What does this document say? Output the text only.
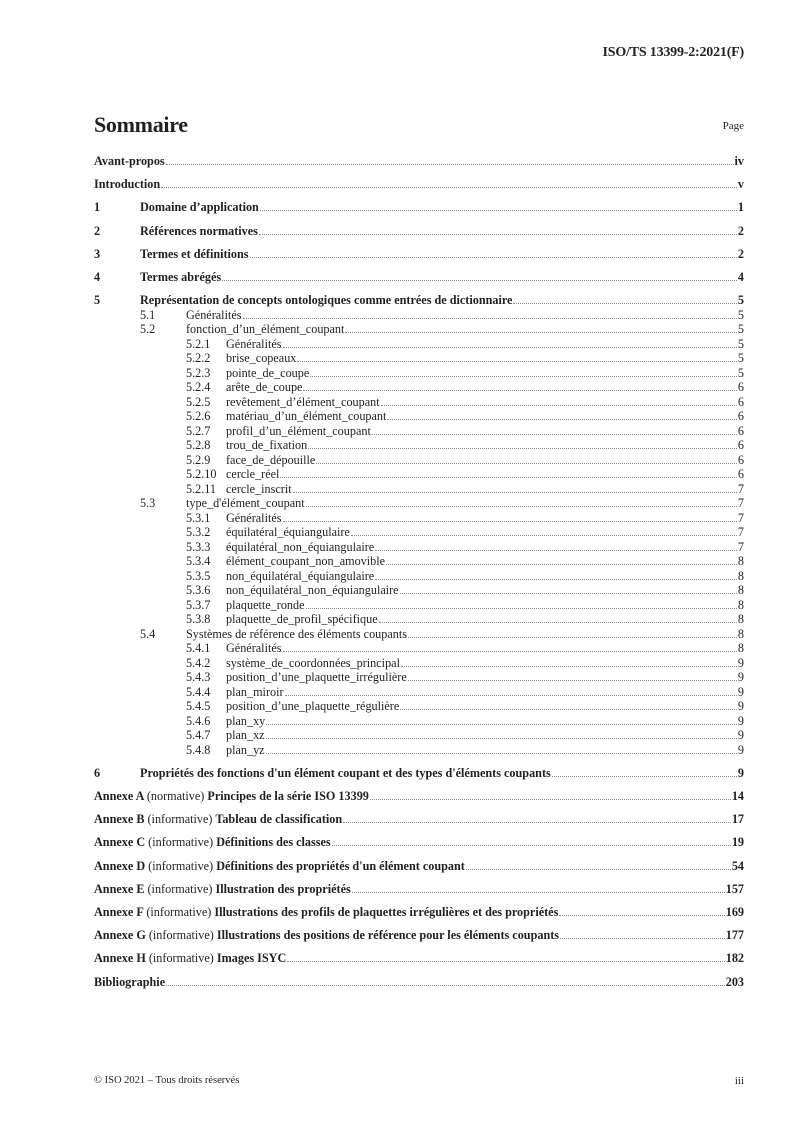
ISO/TS 13399-2:2021(F)
Sommaire	Page
Avant-propos	iv
Introduction	v
1	Domaine d’application	1
2	Références normatives	2
3	Termes et définitions	2
4	Termes abrégés	4
5	Représentation de concepts ontologiques comme entrées de dictionnaire	5
5.1	Généralités	5
5.2	fonction_d’un_élément_coupant	5
5.2.1	Généralités	5
5.2.2	brise_copeaux	5
5.2.3	pointe_de_coupe	5
5.2.4	arête_de_coupe	6
5.2.5	revêtement_d’élément_coupant	6
5.2.6	matériau_d’un_élément_coupant	6
5.2.7	profil_d’un_élément_coupant	6
5.2.8	trou_de_fixation	6
5.2.9	face_de_dépouille	6
5.2.10 cercle_réel	6
5.2.11 cercle_inscrit	7
5.3	type_d'élément_coupant	7
5.3.1	Généralités	7
5.3.2	équilatéral_équiangulaire	7
5.3.3	équilatéral_non_équiangulaire	7
5.3.4	élément_coupant_non_amovible	8
5.3.5	non_équilatéral_équiangulaire	8
5.3.6	non_équilatéral_non_équiangulaire	8
5.3.7	plaquette_ronde	8
5.3.8	plaquette_de_profil_spécifique	8
5.4	Systèmes de référence des éléments coupants	8
5.4.1	Généralités	8
5.4.2	système_de_coordonnées_principal	9
5.4.3	position_d’une_plaquette_irrégulière	9
5.4.4	plan_miroir	9
5.4.5	position_d’une_plaquette_régulière	9
5.4.6	plan_xy	9
5.4.7	plan_xz	9
5.4.8	plan_yz	9
6	Propriétés des fonctions d'un élément coupant et des types d'éléments coupants	9
Annexe A (normative) Principes de la série ISO 13399	14
Annexe B (informative) Tableau de classification	17
Annexe C (informative) Définitions des classes	19
Annexe D (informative) Définitions des propriétés d'un élément coupant	54
Annexe E (informative) Illustration des propriétés	157
Annexe F (informative) Illustrations des profils de plaquettes irrégulières et des propriétés	169
Annexe G (informative) Illustrations des positions de référence pour les éléments coupants	177
Annexe H (informative) Images ISYC	182
Bibliographie	203
© ISO 2021 – Tous droits réservés	iii
